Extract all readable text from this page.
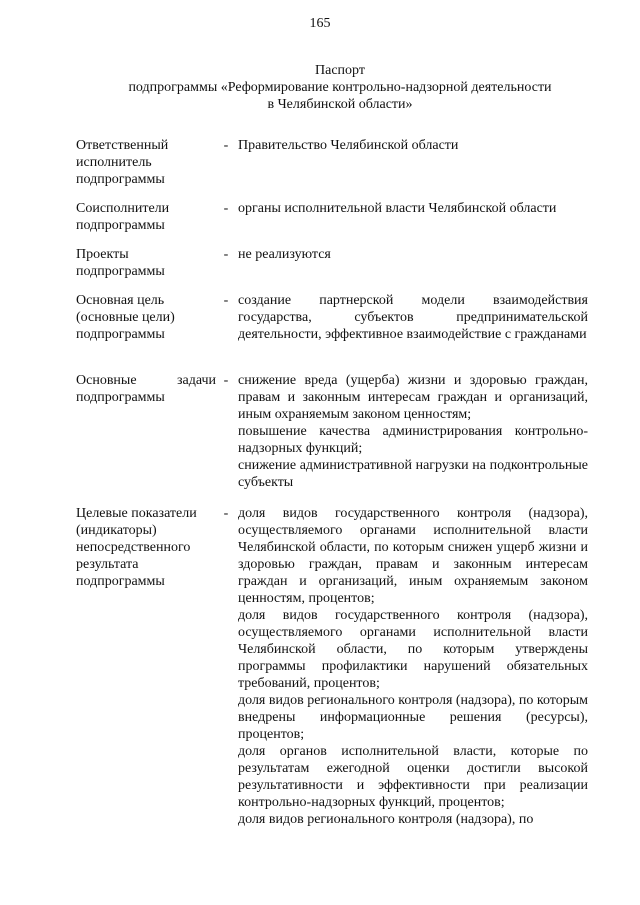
165
Паспорт
подпрограммы «Реформирование контрольно-надзорной деятельности
в Челябинской области»
Ответственный
исполнитель
подпрограммы
- Правительство Челябинской области

Соисполнители
подпрограммы
- органы исполнительной власти Челябинской области

Проекты
подпрограммы
- не реализуются

Основная цель
(основные цели)
подпрограммы
- создание партнерской модели взаимодействия государства, субъектов предпринимательской деятельности, эффективное взаимодействие с гражданами

Основные задачи
подпрограммы
- снижение вреда (ущерба) жизни и здоровью граждан, правам и законным интересам граждан и организаций, иным охраняемым законом ценностям;

повышение качества администрирования контрольно-надзорных функций;

снижение административной нагрузки на подконтрольные субъекты

Целевые показатели
(индикаторы)
непосредственного
результата
подпрограммы
- доля видов государственного контроля (надзора), осуществляемого органами исполнительной власти Челябинской области, по которым снижен ущерб жизни и здоровью граждан, правам и законным интересам граждан и организаций, иным охраняемым законом ценностям, процентов;

доля видов государственного контроля (надзора), осуществляемого органами исполнительной власти Челябинской области, по которым утверждены программы профилактики нарушений обязательных требований, процентов;

доля видов регионального контроля (надзора), по которым внедрены информационные решения (ресурсы), процентов;

доля органов исполнительной власти, которые по результатам ежегодной оценки достигли высокой результативности и эффективности при реализации контрольно-надзорных функций, процентов;

доля видов регионального контроля (надзора), по
